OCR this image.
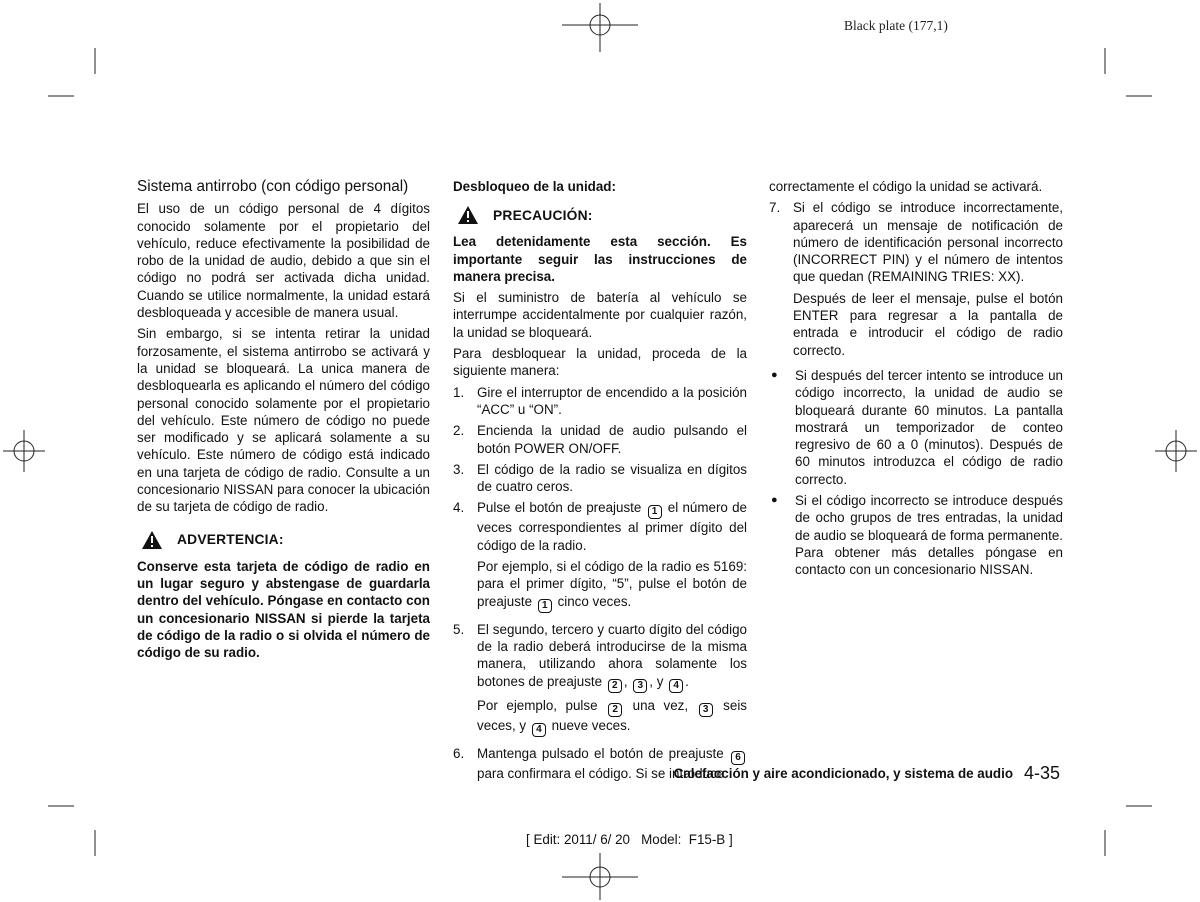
Black plate (177,1)
Sistema antirrobo (con código personal)

El uso de un código personal de 4 dígitos conocido solamente por el propietario del vehículo, reduce efectivamente la posibilidad de robo de la unidad de audio, debido a que sin el código no podrá ser activada dicha unidad. Cuando se utilice normalmente, la unidad estará desbloqueada y accesible de manera usual.

Sin embargo, si se intenta retirar la unidad forzosamente, el sistema antirrobo se activará y la unidad se bloqueará. La unica manera de desbloquearla es aplicando el número del código personal conocido solamente por el propietario del vehículo. Este número de código no puede ser modificado y se aplicará solamente a su vehículo. Este número de código está indicado en una tarjeta de código de radio. Consulte a un concesionario NISSAN para conocer la ubicación de su tarjeta de código de radio.

ADVERTENCIA:

Conserve esta tarjeta de código de radio en un lugar seguro y abstengase de guardarla dentro del vehículo. Póngase en contacto con un concesionario NISSAN si pierde la tarjeta de código de la radio o si olvida el número de código de su radio.

Desbloqueo de la unidad:
PRECAUCIÓN:

Lea detenidamente esta sección. Es importante seguir las instrucciones de manera precisa.

Si el suministro de batería al vehículo se interrumpe accidentalmente por cualquier razón, la unidad se bloqueará.

Para desbloquear la unidad, proceda de la siguiente manera:

1. Gire el interruptor de encendido a la posición “ACC” u “ON”.
2. Encienda la unidad de audio pulsando el botón POWER ON/OFF.
3. El código de la radio se visualiza en dígitos de cuatro ceros.
4. Pulse el botón de preajuste 1 el número de veces correspondientes al primer dígito del código de la radio.

Por ejemplo, si el código de la radio es 5169: para el primer dígito, “5”, pulse el botón de preajuste 1 cinco veces.

5. El segundo, tercero y cuarto dígito del código de la radio deberá introducirse de la misma manera, utilizando ahora solamente los botones de preajuste 2 , 3 , y 4 .

Por ejemplo, pulse 2 una vez, 3 seis veces, y 4 nueve veces.

6. Mantenga pulsado el botón de preajuste 6 para confirmara el código. Si se introduce

correctamente el código la unidad se activará.

7. Si el código se introduce incorrectamente, aparecerá un mensaje de notificación de número de identificación personal incorrecto (INCORRECT PIN) y el número de intentos que quedan (REMAINING TRIES: XX).

Después de leer el mensaje, pulse el botón ENTER para regresar a la pantalla de entrada e introducir el código de radio correcto.

●	Si después del tercer intento se introduce un código incorrecto, la unidad de audio se bloqueará durante 60 minutos. La pantalla mostrará un temporizador de conteo regresivo de 60 a 0 (minutos). Después de 60 minutos introduzca el código de radio correcto.
●	Si el código incorrecto se introduce después de ocho grupos de tres entradas, la unidad de audio se bloqueará de forma permanente. Para obtener más detalles póngase en contacto con un concesionario NISSAN.
Calefacción y aire acondicionado, y sistema de audio 4-35
[ Edit: 2011/ 6/ 20   Model:  F15-B ]
